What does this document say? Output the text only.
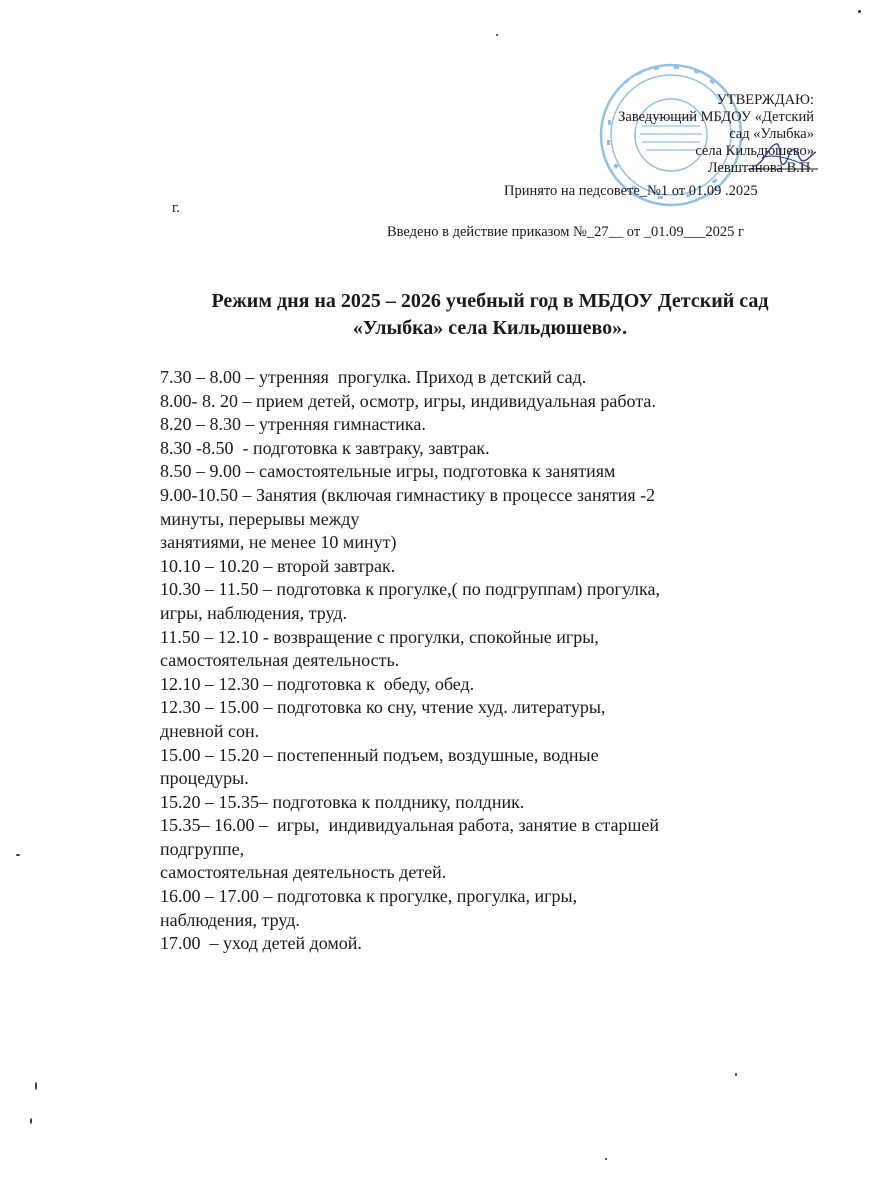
УТВЕРЖДАЮ:
Заведующий МБДОУ «Детский
сад «Улыбка»
села Кильдюшево»
Левштанова В.П.
Принято на педсовете_№1 от 01.09 .2025
г.
Введено в действие приказом №_27__ от _01.09___2025 г
Режим дня на 2025 – 2026 учебный год в МБДОУ Детский сад
«Улыбка» села Кильдюшево».

7.30 – 8.00 – утренняя  прогулка. Приход в детский сад.

8.00- 8. 20 – прием детей, осмотр, игры, индивидуальная работа.

8.20 – 8.30 – утренняя гимнастика.

8.30 -8.50  - подготовка к завтраку, завтрак.

8.50 – 9.00 – самостоятельные игры, подготовка к занятиям

9.00-10.50 – Занятия (включая гимнастику в процессе занятия -2

минуты, перерывы между

занятиями, не менее 10 минут)

10.10 – 10.20 – второй завтрак.

10.30 – 11.50 – подготовка к прогулке,( по подгруппам) прогулка,

игры, наблюдения, труд.

11.50 – 12.10 - возвращение с прогулки, спокойные игры,

самостоятельная деятельность.

12.10 – 12.30 – подготовка к  обеду, обед.

12.30 – 15.00 – подготовка ко сну, чтение худ. литературы,

дневной сон.

15.00 – 15.20 – постепенный подъем, воздушные, водные

процедуры.

15.20 – 15.35– подготовка к полднику, полдник.

15.35– 16.00 –  игры,  индивидуальная работа, занятие в старшей

подгруппе,

самостоятельная деятельность детей.

16.00 – 17.00 – подготовка к прогулке, прогулка, игры,

наблюдения, труд.

17.00  – уход детей домой.
